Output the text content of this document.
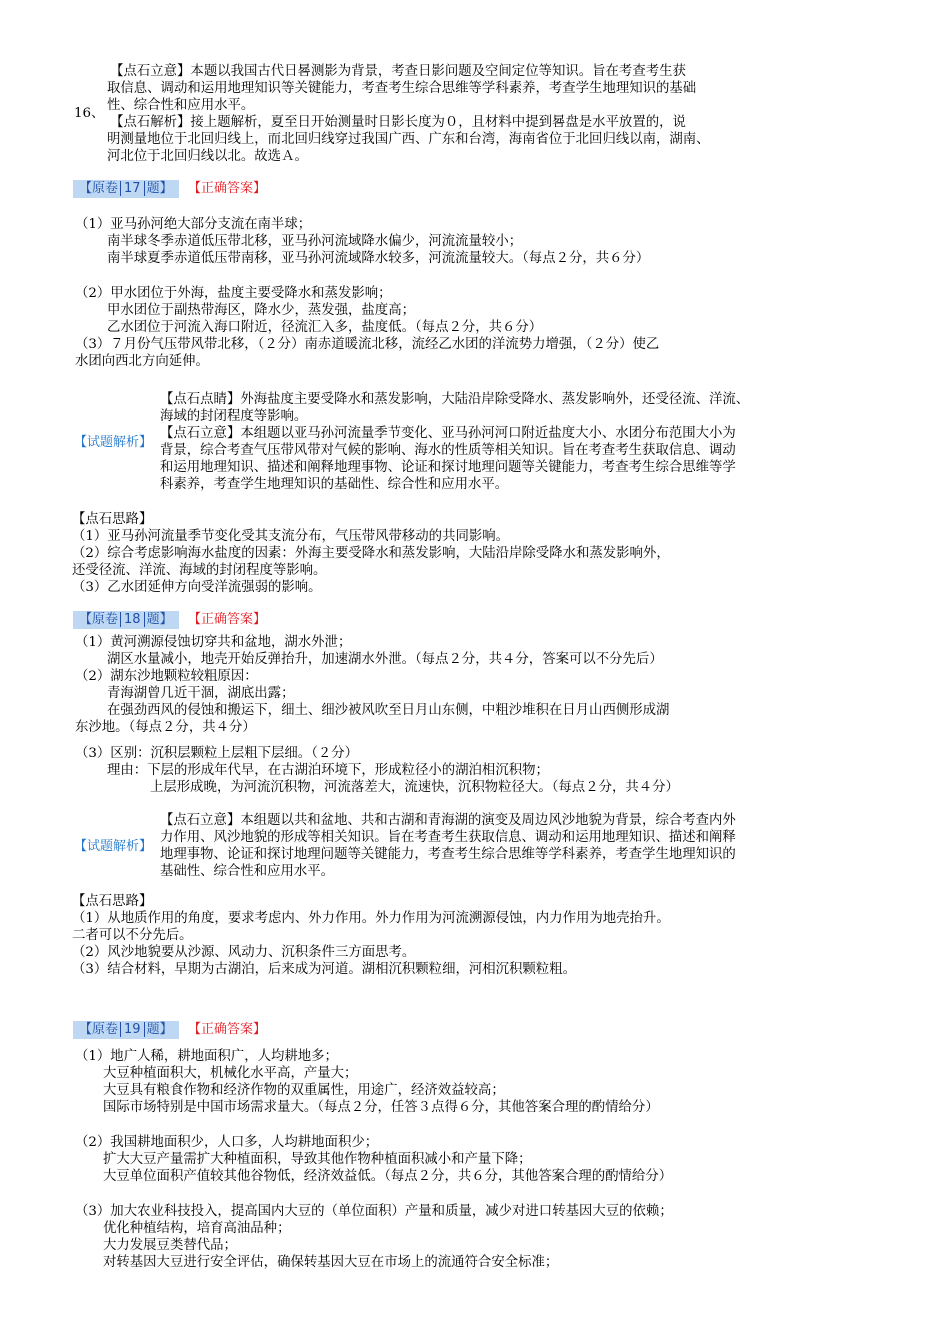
16、
　　【点石立意】本题以我国古代日晷测影为背景，考查日影问题及空间定位等知识。旨在考查考生获
取信息、调动和运用地理知识等关键能力，考查考生综合思维等学科素养，考查学生地理知识的基础
性、综合性和应用水平。
　　【点石解析】接上题解析，夏至日开始测量时日影长度为０，且材料中提到晷盘是水平放置的，说
明测量地位于北回归线上，而北回归线穿过我国广西、广东和台湾，海南省位于北回归线以南，湖南、
河北位于北回归线以北。故选Ａ。
【原卷 17 题】	【正确答案】
（1）亚马孙河绝大部分支流在南半球；
南半球冬季赤道低压带北移，亚马孙河流域降水偏少，河流流量较小；
南半球夏季赤道低压带南移，亚马孙河流域降水较多，河流流量较大。（每点２分，共６分）
（2）甲水团位于外海，盐度主要受降水和蒸发影响；
甲水团位于副热带海区，降水少，蒸发强，盐度高；
乙水团位于河流入海口附近，径流汇入多，盐度低。（每点２分，共６分）
（3）７月份气压带风带北移，（２分）南赤道暖流北移，流经乙水团的洋流势力增强，（２分）使乙
水团向西北方向延伸。
【试题解析】
【点石点睛】外海盐度主要受降水和蒸发影响，大陆沿岸除受降水、蒸发影响外，还受径流、洋流、
海域的封闭程度等影响。
【点石立意】本组题以亚马孙河流量季节变化、亚马孙河河口附近盐度大小、水团分布范围大小为
背景，综合考查气压带风带对气候的影响、海水的性质等相关知识。旨在考查考生获取信息、调动
和运用地理知识、描述和阐释地理事物、论证和探讨地理问题等关键能力，考查考生综合思维等学
科素养，考查学生地理知识的基础性、综合性和应用水平。
【点石思路】
（1）亚马孙河流量季节变化受其支流分布，气压带风带移动的共同影响。
（2）综合考虑影响海水盐度的因素：外海主要受降水和蒸发影响，大陆沿岸除受降水和蒸发影响外，
还受径流、洋流、海域的封闭程度等影响。
（3）乙水团延伸方向受洋流强弱的影响。
【原卷 18 题】	【正确答案】
（1）黄河溯源侵蚀切穿共和盆地，湖水外泄；
湖区水量减小，地壳开始反弹抬升，加速湖水外泄。（每点２分，共４分，答案可以不分先后）
（2）湖东沙地颗粒较粗原因：
青海湖曾几近干涸，湖底出露；
在强劲西风的侵蚀和搬运下，细土、细沙被风吹至日月山东侧，中粗沙堆积在日月山西侧形成湖
东沙地。（每点２分，共４分）
（3）区别：沉积层颗粒上层粗下层细。（２分）
理由：下层的形成年代早，在古湖泊环境下，形成粒径小的湖泊相沉积物；
上层形成晚，为河流沉积物，河流落差大，流速快，沉积物粒径大。（每点２分，共４分）
【试题解析】
【点石立意】本组题以共和盆地、共和古湖和青海湖的演变及周边风沙地貌为背景，综合考查内外
力作用、风沙地貌的形成等相关知识。旨在考查考生获取信息、调动和运用地理知识、描述和阐释
地理事物、论证和探讨地理问题等关键能力，考查考生综合思维等学科素养，考查学生地理知识的
基础性、综合性和应用水平。
【点石思路】
（1）从地质作用的角度，要求考虑内、外力作用。外力作用为河流溯源侵蚀，内力作用为地壳抬升。
二者可以不分先后。
（2）风沙地貌要从沙源、风动力、沉积条件三方面思考。
（3）结合材料，早期为古湖泊，后来成为河道。湖相沉积颗粒细，河相沉积颗粒粗。
【原卷 19 题】	【正确答案】
（1）地广人稀，耕地面积广，人均耕地多；
大豆种植面积大，机械化水平高，产量大；
大豆具有粮食作物和经济作物的双重属性，用途广，经济效益较高；
国际市场特别是中国市场需求量大。（每点２分，任答３点得６分，其他答案合理的酌情给分）
（2）我国耕地面积少，人口多，人均耕地面积少；
扩大大豆产量需扩大种植面积，导致其他作物种植面积减小和产量下降；
大豆单位面积产值较其他谷物低，经济效益低。（每点２分，共６分，其他答案合理的酌情给分）
（3）加大农业科技投入，提高国内大豆的（单位面积）产量和质量，减少对进口转基因大豆的依赖；
优化种植结构，培育高油品种；
大力发展豆类替代品；
对转基因大豆进行安全评估，确保转基因大豆在市场上的流通符合安全标准；
